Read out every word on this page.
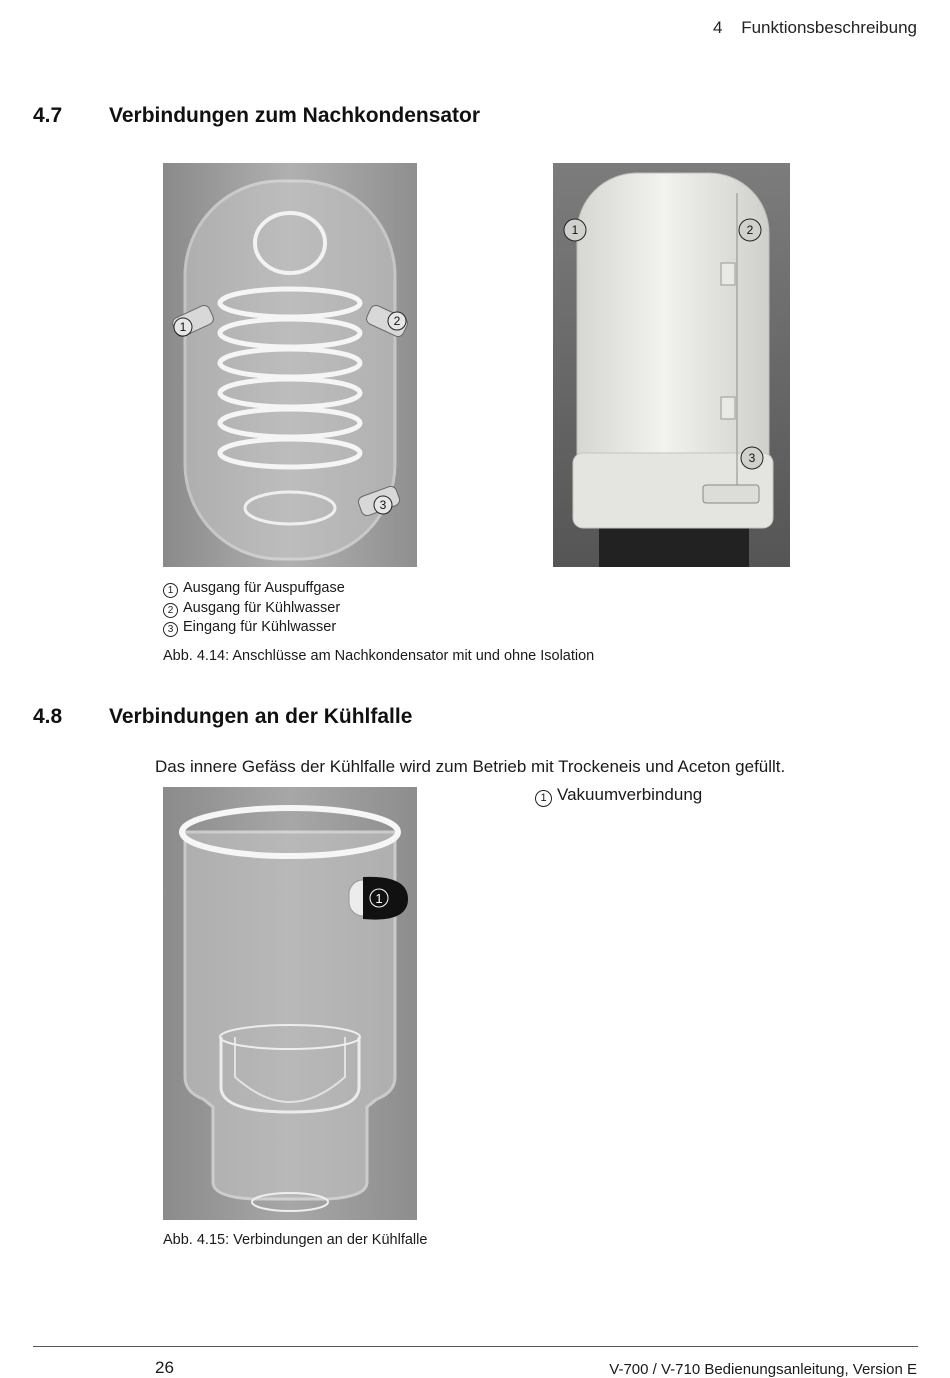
4 Funktionsbeschreibung
4.7 Verbindungen zum Nachkondensator
1	2
3
1	2
3
1 Ausgang für Auspuffgase
2 Ausgang für Kühlwasser
3 Eingang für Kühlwasser
Abb. 4.14: Anschlüsse am Nachkondensator mit und ohne Isolation
4.8 Verbindungen an der Kühlfalle
Das innere Gefäss der Kühlfalle wird zum Betrieb mit Trockeneis und Aceton gefüllt.
1
1 Vakuumverbindung
Abb. 4.15: Verbindungen an der Kühlfalle
26	V-700 / V-710 Bedienungsanleitung, Version E
